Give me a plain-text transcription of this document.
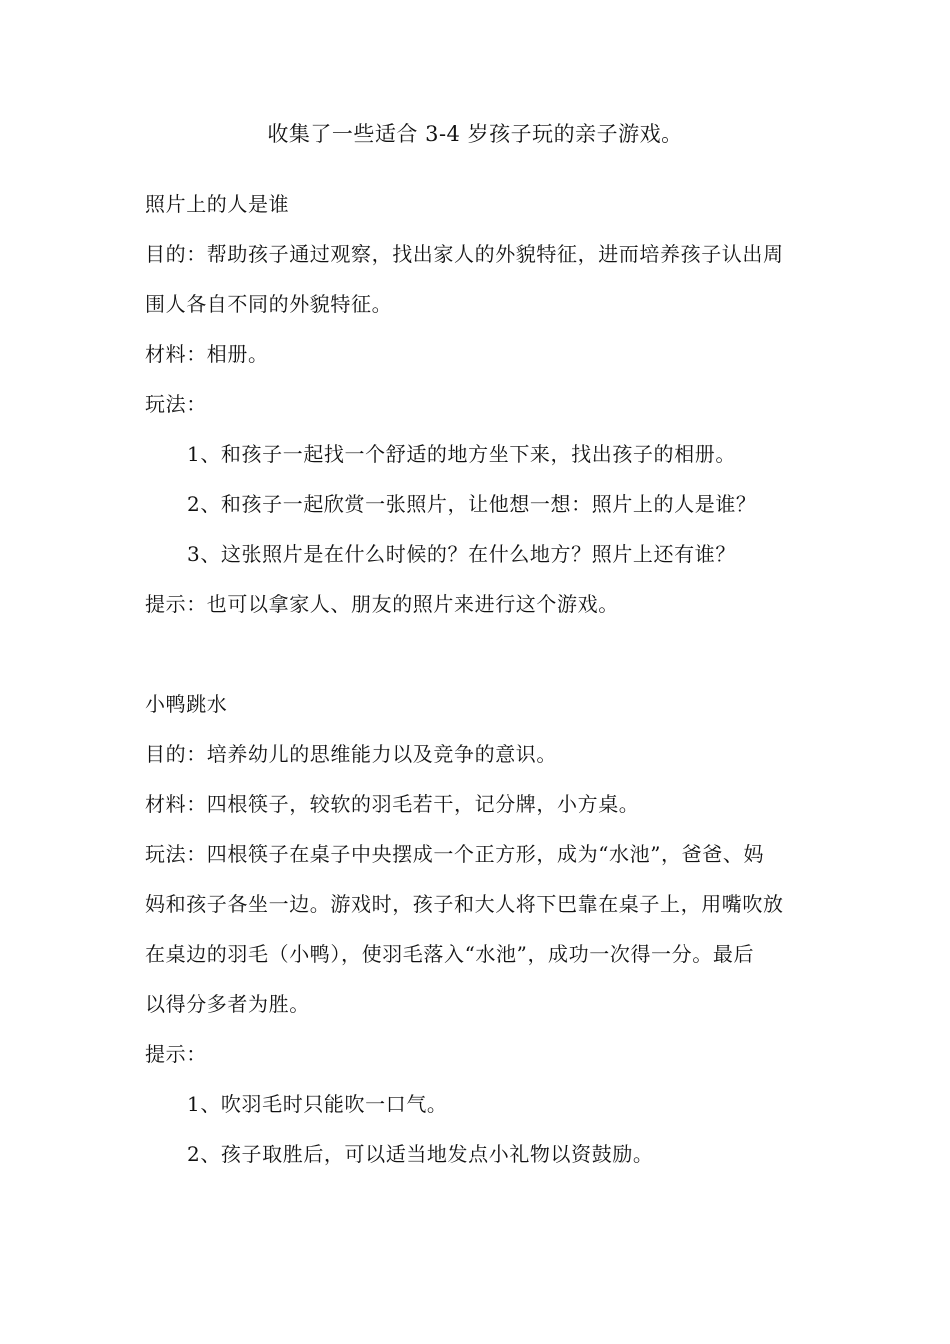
收集了一些适合 3-4 岁孩子玩的亲子游戏。
照片上的人是谁
目的：帮助孩子通过观察，找出家人的外貌特征，进而培养孩子认出周
围人各自不同的外貌特征。
材料：相册。
玩法：
1、和孩子一起找一个舒适的地方坐下来，找出孩子的相册。
2、和孩子一起欣赏一张照片，让他想一想：照片上的人是谁？
3、这张照片是在什么时候的？在什么地方？照片上还有谁？
提示：也可以拿家人、朋友的照片来进行这个游戏。
小鸭跳水
目的：培养幼儿的思维能力以及竞争的意识。
材料：四根筷子，较软的羽毛若干，记分牌，小方桌。
玩法：四根筷子在桌子中央摆成一个正方形，成为“水池”，爸爸、妈
妈和孩子各坐一边。游戏时，孩子和大人将下巴靠在桌子上，用嘴吹放
在桌边的羽毛（小鸭），使羽毛落入“水池”，成功一次得一分。最后
以得分多者为胜。
提示：
1、吹羽毛时只能吹一口气。
2、孩子取胜后，可以适当地发点小礼物以资鼓励。
